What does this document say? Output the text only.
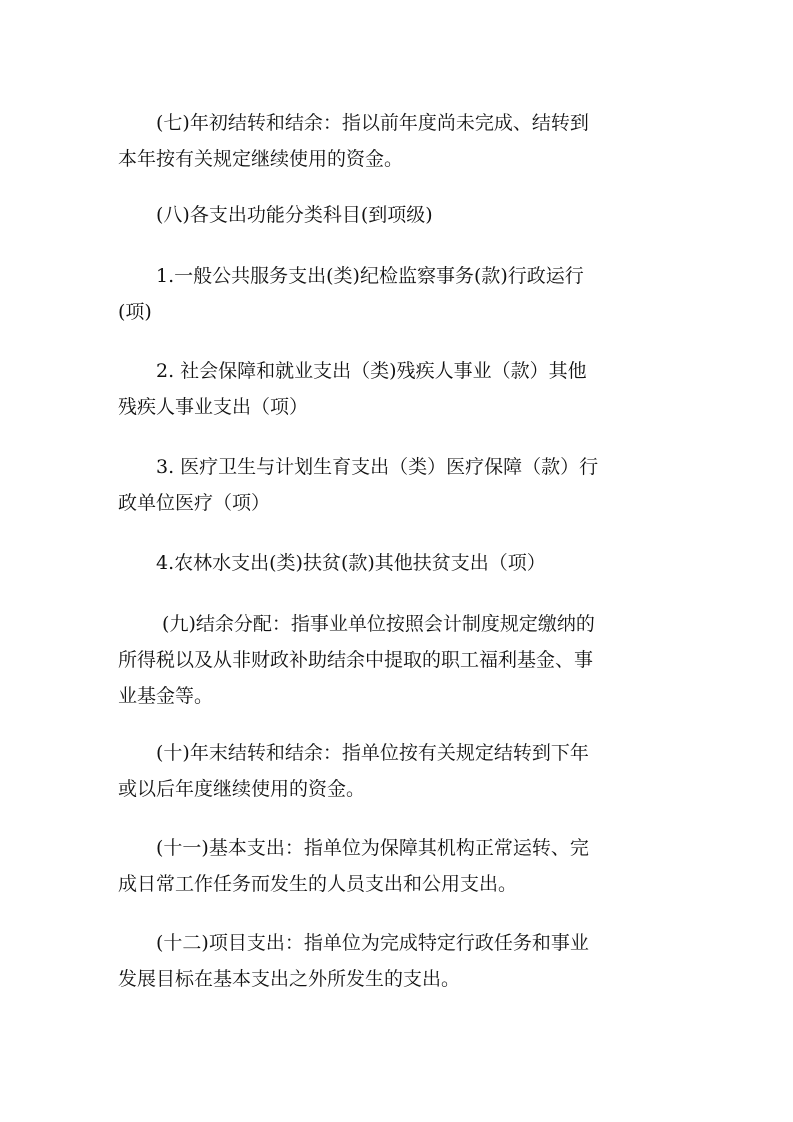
　　(七)年初结转和结余：指以前年度尚未完成、结转到
本年按有关规定继续使用的资金。

　　(八)各支出功能分类科目(到项级)

　　1.一般公共服务支出(类)纪检监察事务(款)行政运行
(项)

　　2. 社会保障和就业支出（类)残疾人事业（款）其他
残疾人事业支出（项）

　　3. 医疗卫生与计划生育支出（类）医疗保障（款）行
政单位医疗（项）

　　4.农林水支出(类)扶贫(款)其他扶贫支出（项）

　　 (九)结余分配：指事业单位按照会计制度规定缴纳的
所得税以及从非财政补助结余中提取的职工福利基金、事
业基金等。

　　(十)年末结转和结余：指单位按有关规定结转到下年
或以后年度继续使用的资金。

　　(十一)基本支出：指单位为保障其机构正常运转、完
成日常工作任务而发生的人员支出和公用支出。

　　(十二)项目支出：指单位为完成特定行政任务和事业
发展目标在基本支出之外所发生的支出。
